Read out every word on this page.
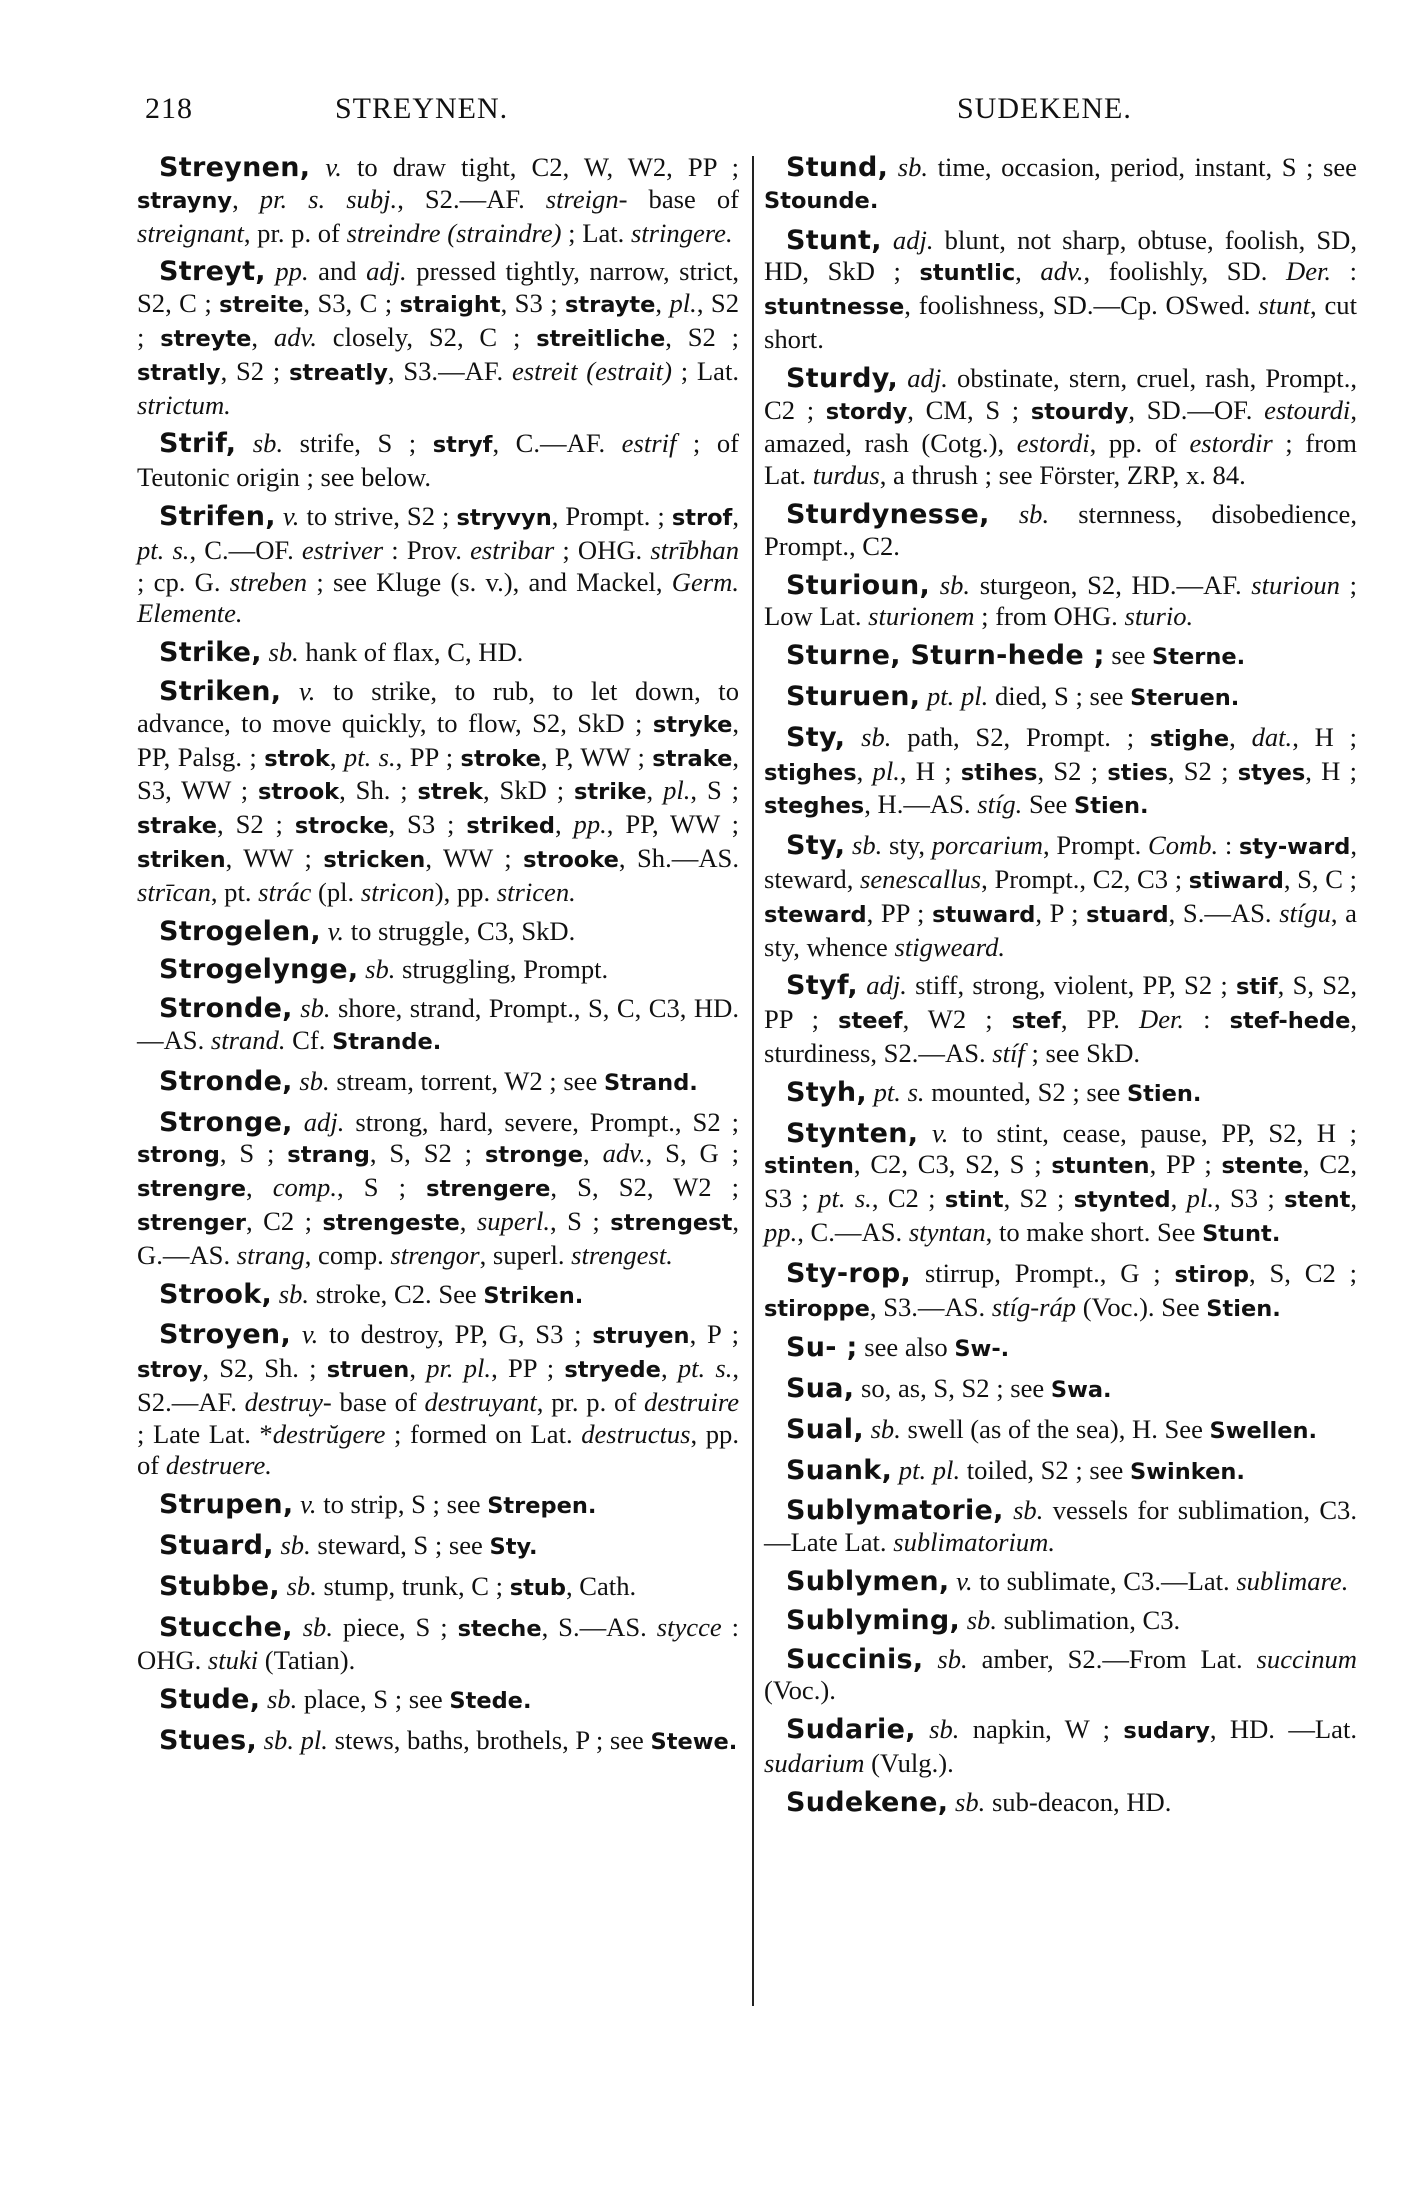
218	STREYNEN.	SUDEKENE.

Streynen, v. to draw tight, C2, W, W2, PP ; strayny, pr. s. subj., S2.—AF. streign- base of streignant, pr. p. of streindre (straindre) ; Lat. stringere.

Streyt, pp. and adj. pressed tightly, narrow, strict, S2, C ; streite, S3, C ; straight, S3 ; strayte, pl., S2 ; streyte, adv. closely, S2, C ; streitliche, S2 ; stratly, S2 ; streatly, S3.—AF. estreit (estrait) ; Lat. strictum.

Strif, sb. strife, S ; stryf, C.—AF. estrif ; of Teutonic origin ; see below.

Strifen, v. to strive, S2 ; stryvyn, Prompt. ; strof, pt. s., C.—OF. estriver : Prov. estribar ; OHG. strībhan ; cp. G. streben ; see Kluge (s. v.), and Mackel, Germ. Elemente.

Strike, sb. hank of flax, C, HD.

Striken, v. to strike, to rub, to let down, to advance, to move quickly, to flow, S2, SkD ; stryke, PP, Palsg. ; strok, pt. s., PP ; stroke, P, WW ; strake, S3, WW ; strook, Sh. ; strek, SkD ; strike, pl., S ; strake, S2 ; strocke, S3 ; striked, pp., PP, WW ; striken, WW ; stricken, WW ; strooke, Sh.—AS. strīcan, pt. strác (pl. stricon), pp. stricen.

Strogelen, v. to struggle, C3, SkD.

Strogelynge, sb. struggling, Prompt.

Stronde, sb. shore, strand, Prompt., S, C, C3, HD.—AS. strand. Cf. Strande.

Stronde, sb. stream, torrent, W2 ; see Strand.

Stronge, adj. strong, hard, severe, Prompt., S2 ; strong, S ; strang, S, S2 ; stronge, adv., S, G ; strengre, comp., S ; strengere, S, S2, W2 ; strenger, C2 ; strengeste, superl., S ; strengest, G.—AS. strang, comp. strengor, superl. strengest.

Strook, sb. stroke, C2. See Striken.

Stroyen, v. to destroy, PP, G, S3 ; struyen, P ; stroy, S2, Sh. ; struen, pr. pl., PP ; stryede, pt. s., S2.—AF. destruy- base of destruyant, pr. p. of destruire ; Late Lat. *destrŭgere ; formed on Lat. destructus, pp. of destruere.

Strupen, v. to strip, S ; see Strepen.

Stuard, sb. steward, S ; see Sty.

Stubbe, sb. stump, trunk, C ; stub, Cath.

Stucche, sb. piece, S ; steche, S.—AS. stycce : OHG. stuki (Tatian).

Stude, sb. place, S ; see Stede.

Stues, sb. pl. stews, baths, brothels, P ; see Stewe.

Stund, sb. time, occasion, period, instant, S ; see Stounde.

Stunt, adj. blunt, not sharp, obtuse, foolish, SD, HD, SkD ; stuntlic, adv., foolishly, SD. Der. : stuntnesse, foolishness, SD.—Cp. OSwed. stunt, cut short.

Sturdy, adj. obstinate, stern, cruel, rash, Prompt., C2 ; stordy, CM, S ; stourdy, SD.—OF. estourdi, amazed, rash (Cotg.), estordi, pp. of estordir ; from Lat. turdus, a thrush ; see Förster, ZRP, x. 84.

Sturdynesse, sb. sternness, disobedience, Prompt., C2.

Sturioun, sb. sturgeon, S2, HD.—AF. sturioun ; Low Lat. sturionem ; from OHG. sturio.

Sturne, Sturn-hede ; see Sterne.

Sturuen, pt. pl. died, S ; see Steruen.

Sty, sb. path, S2, Prompt. ; stighe, dat., H ; stighes, pl., H ; stihes, S2 ; sties, S2 ; styes, H ; steghes, H.—AS. stíg. See Stien.

Sty, sb. sty, porcarium, Prompt. Comb. : sty-ward, steward, senescallus, Prompt., C2, C3 ; stiward, S, C ; steward, PP ; stuward, P ; stuard, S.—AS. stígu, a sty, whence stigweard.

Styf, adj. stiff, strong, violent, PP, S2 ; stif, S, S2, PP ; steef, W2 ; stef, PP. Der. : stef-hede, sturdiness, S2.—AS. stíf ; see SkD.

Styh, pt. s. mounted, S2 ; see Stien.

Stynten, v. to stint, cease, pause, PP, S2, H ; stinten, C2, C3, S2, S ; stunten, PP ; stente, C2, S3 ; pt. s., C2 ; stint, S2 ; stynted, pl., S3 ; stent, pp., C.—AS. styntan, to make short. See Stunt.

Sty-rop, stirrup, Prompt., G ; stirop, S, C2 ; stiroppe, S3.—AS. stíg-ráp (Voc.). See Stien.

Su- ; see also Sw-.

Sua, so, as, S, S2 ; see Swa.

Sual, sb. swell (as of the sea), H. See Swellen.

Suank, pt. pl. toiled, S2 ; see Swinken.

Sublymatorie, sb. vessels for sublimation, C3.—Late Lat. sublimatorium.

Sublymen, v. to sublimate, C3.—Lat. sublimare.

Sublyming, sb. sublimation, C3.

Succinis, sb. amber, S2.—From Lat. succinum (Voc.).

Sudarie, sb. napkin, W ; sudary, HD. —Lat. sudarium (Vulg.).

Sudekene, sb. sub-deacon, HD.
